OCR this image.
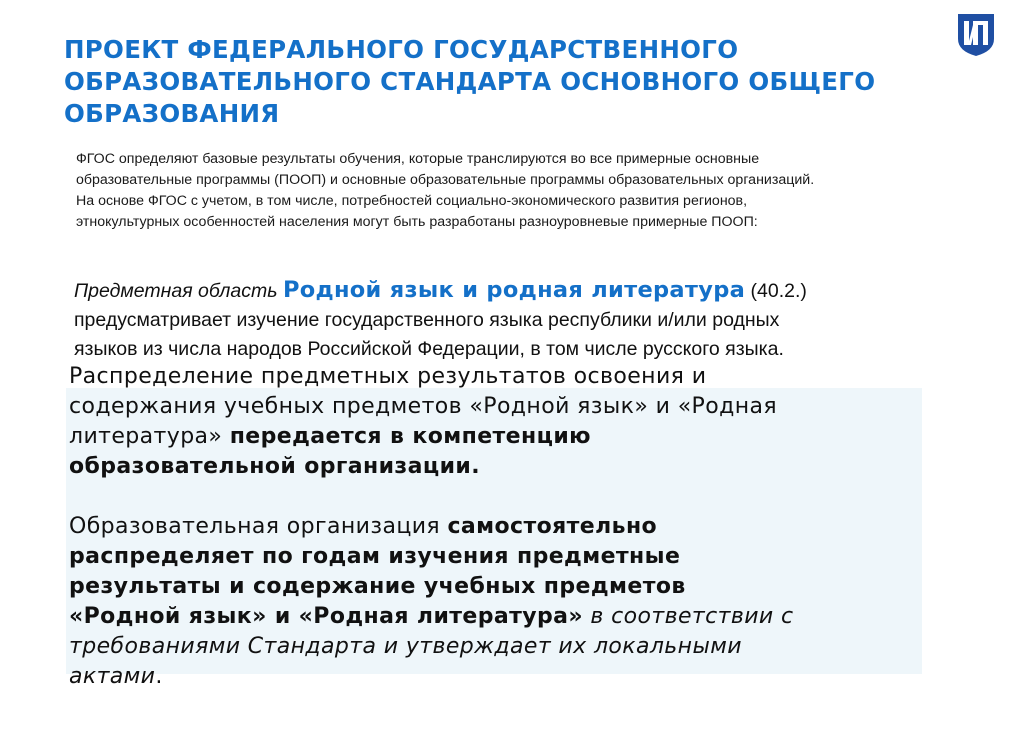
ПРОЕКТ ФЕДЕРАЛЬНОГО ГОСУДАРСТВЕННОГО
ОБРАЗОВАТЕЛЬНОГО СТАНДАРТА ОСНОВНОГО ОБЩЕГО
ОБРАЗОВАНИЯ

ФГОС определяют базовые результаты обучения, которые транслируются во все примерные основные
образовательные программы (ПООП) и основные образовательные программы образовательных организаций.
На основе ФГОС с учетом, в том числе, потребностей социально-экономического развития регионов,
этнокультурных особенностей населения могут быть разработаны разноуровневые примерные ПООП:

Предметная область Родной язык и родная литература (40.2.)
предусматривает изучение государственного языка республики и/или родных
языков из числа народов Российской Федерации, в том числе русского языка.

Распределение предметных результатов освоения и
содержания учебных предметов «Родной язык» и «Родная
литература» передается в компетенцию
образовательной организации.
Образовательная организация самостоятельно
распределяет по годам изучения предметные
результаты и содержание учебных предметов
«Родной язык» и «Родная литература» в соответствии с
требованиями Стандарта и утверждает их локальными
актами.
